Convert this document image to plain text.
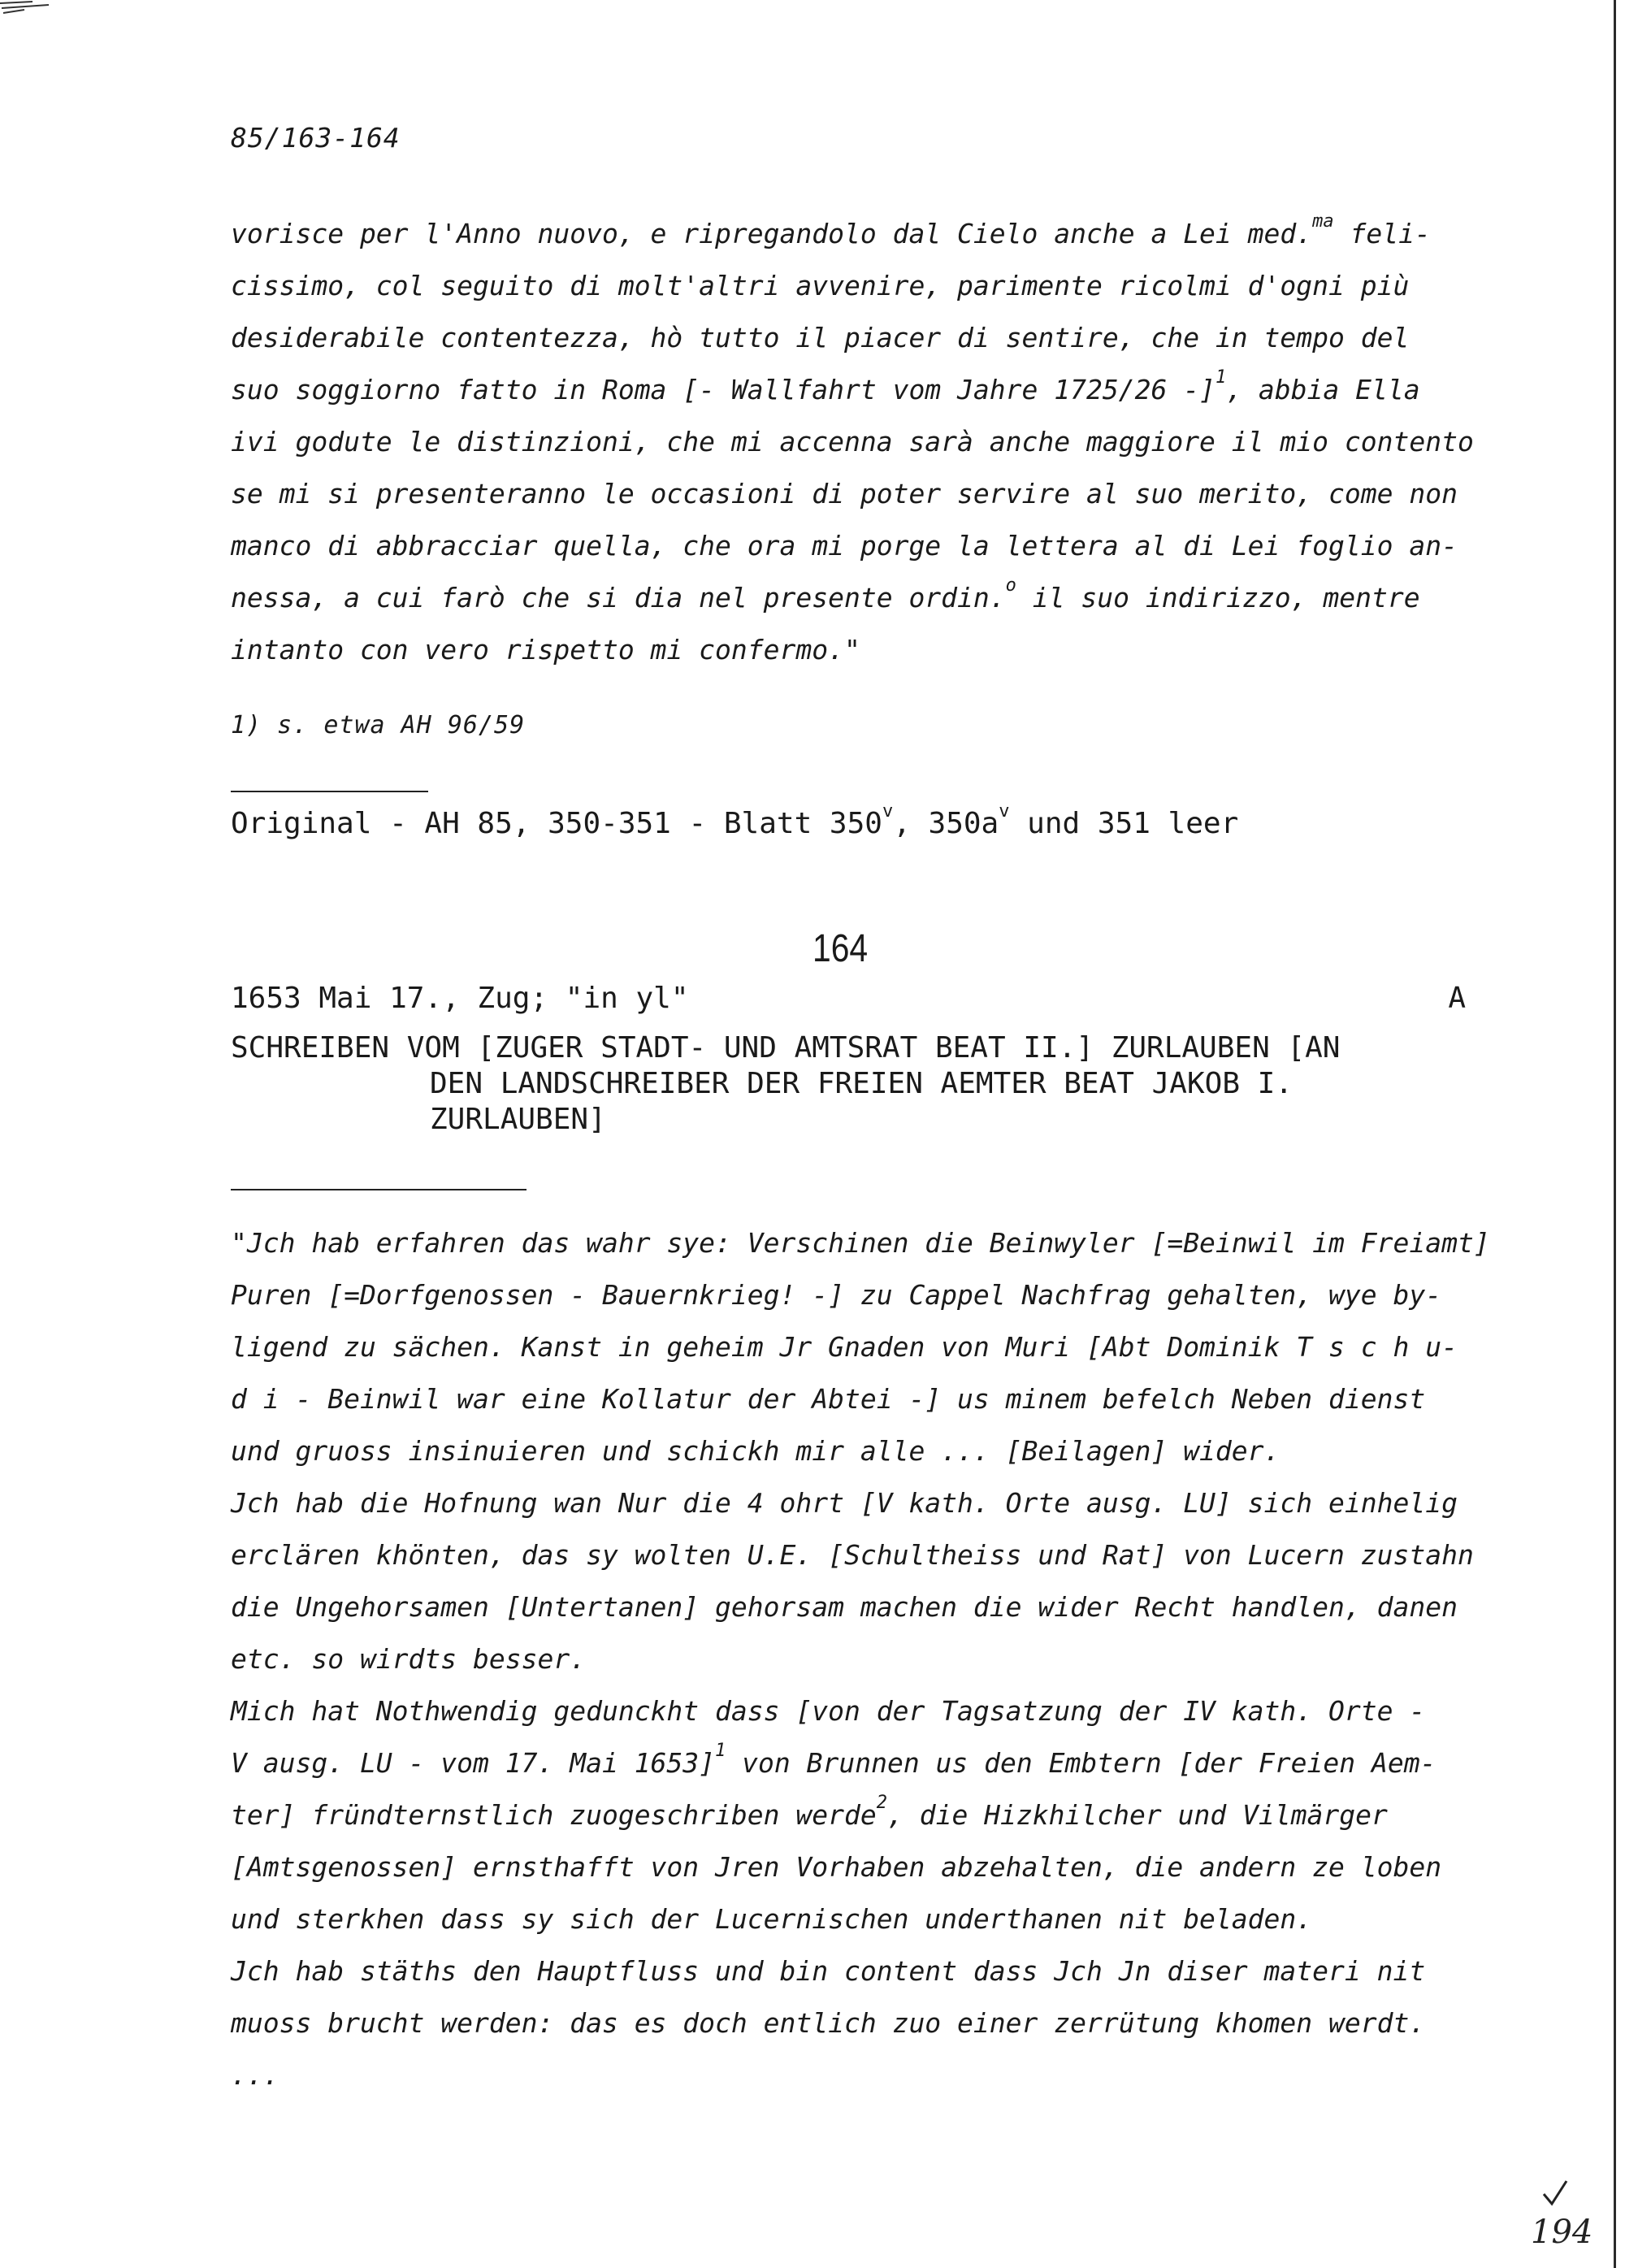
85/163-164
vorisce per l'Anno nuovo, e ripregandolo dal Cielo anche a Lei med.$^{ma}$ feli-
cissimo, col seguito di molt'altri avvenire, parimente ricolmi d'ogni più
desiderabile contentezza, hò tutto il piacer di sentire, che in tempo del
suo soggiorno fatto in Roma [- Wallfahrt vom Jahre 1725/26 -]$^1$, abbia Ella
ivi godute le distinzioni, che mi accenna sarà anche maggiore il mio contento
se mi si presenteranno le occasioni di poter servire al suo merito, come non
manco di abbracciar quella, che ora mi porge la lettera al di Lei foglio an-
nessa, a cui farò che si dia nel presente ordin.$^o$ il suo indirizzo, mentre
intanto con vero rispetto mi confermo."
1) s. etwa AH 96/59
Original - AH 85, 350-351 - Blatt 350$^v$, $350a^v$ und 351 leer
164
1653 Mai 17., Zug; "in yl"	A
SCHREIBEN VOM [ZUGER STADT- UND AMTSRAT BEAT II.] ZURLAUBEN [AN
DEN LANDSCHREIBER DER FREIEN AEMTER BEAT JAKOB I.
ZURLAUBEN]
"Jch hab erfahren das wahr sye: Verschinen die Beinwyler [=Beinwil im Freiamt]
Puren [=Dorfgenossen - Bauernkrieg! -] zu Cappel Nachfrag gehalten, wye by-
ligend zu sächen. Kanst in geheim Jr Gnaden von Muri [Abt Dominik T s c h u-
d i - Beinwil war eine Kollatur der Abtei -] us minem befelch Neben dienst
und gruoss insinuieren und schickh mir alle ... [Beilagen] wider.
Jch hab die Hofnung wan Nur die 4 ohrt [V kath. Orte ausg. LU] sich einhelig
erclären khönten, das sy wolten U.E. [Schultheiss und Rat] von Lucern zustahn
die Ungehorsamen [Untertanen] gehorsam machen die wider Recht handlen, danen
etc. so wirdts besser.
Mich hat Nothwendig gedunckht dass [von der Tagsatzung der IV kath. Orte -
V ausg. LU - vom 17. Mai 1653]$^1$ von Brunnen us den Embtern [der Freien Aem-
ter] fründternstlich zuogeschriben werde$^2$, die Hizkhilcher und Vilmärger
[Amtsgenossen] ernsthafft von Jren Vorhaben abzehalten, die andern ze loben
und sterkhen dass sy sich der Lucernischen underthanen nit beladen.
Jch hab stäths den Hauptfluss und bin content dass Jch Jn diser materi nit
muoss brucht werden: das es doch entlich zuo einer zerrütung khomen werdt.
...
194
